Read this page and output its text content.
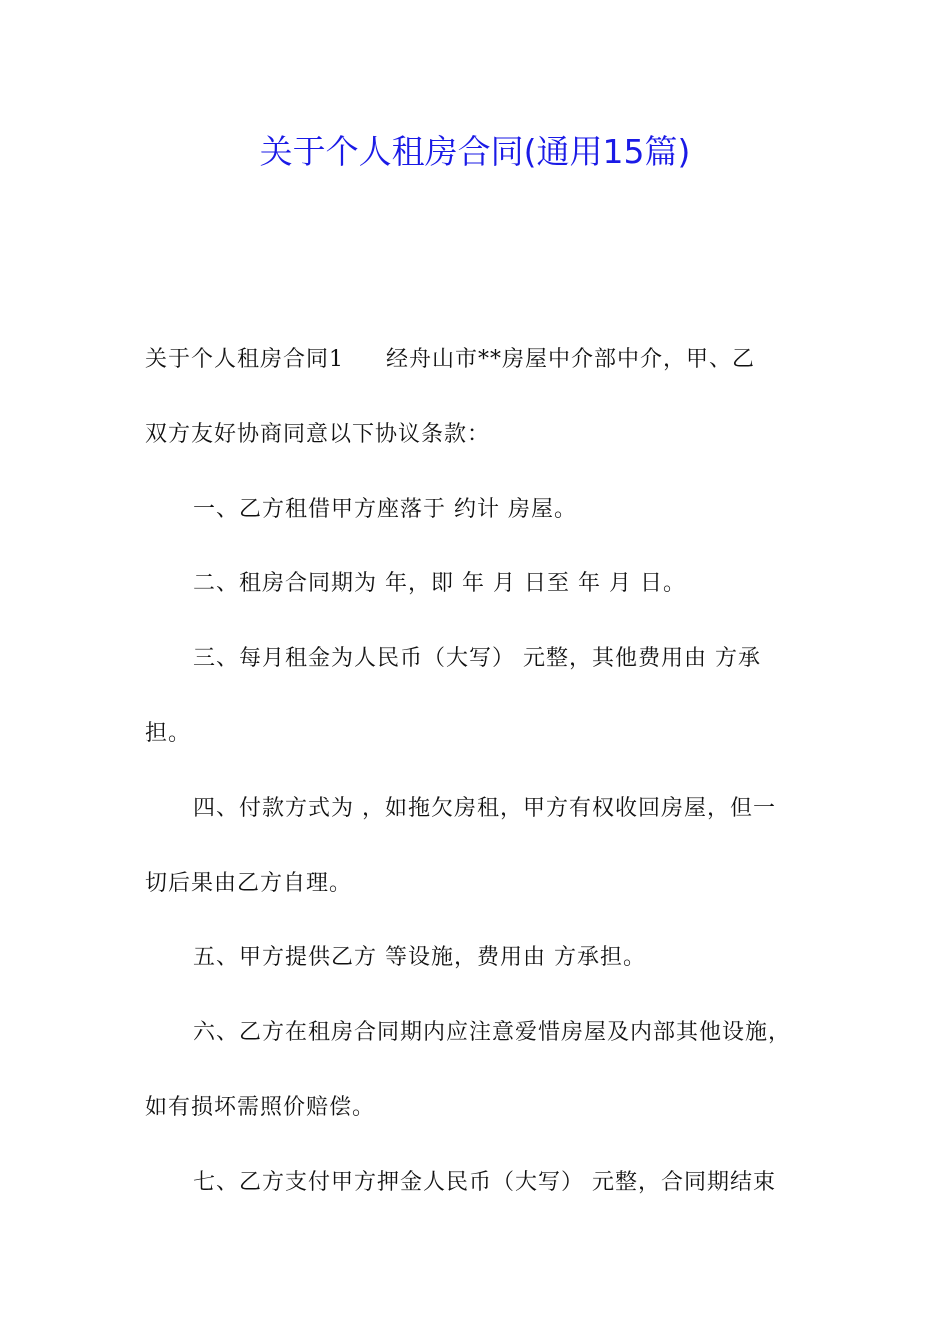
关于个人租房合同(通用15篇)
关于个人租房合同1 经舟山市**房屋中介部中介，甲、乙
双方友好协商同意以下协议条款：
一、乙方租借甲方座落于 约计 房屋。
二、租房合同期为 年，即 年 月 日至 年 月 日。
三、每月租金为人民币（大写） 元整，其他费用由 方承
担。
四、付款方式为 ，如拖欠房租，甲方有权收回房屋，但一
切后果由乙方自理。
五、甲方提供乙方 等设施，费用由 方承担。
六、乙方在租房合同期内应注意爱惜房屋及内部其他设施，
如有损坏需照价赔偿。
七、乙方支付甲方押金人民币（大写） 元整，合同期结束
